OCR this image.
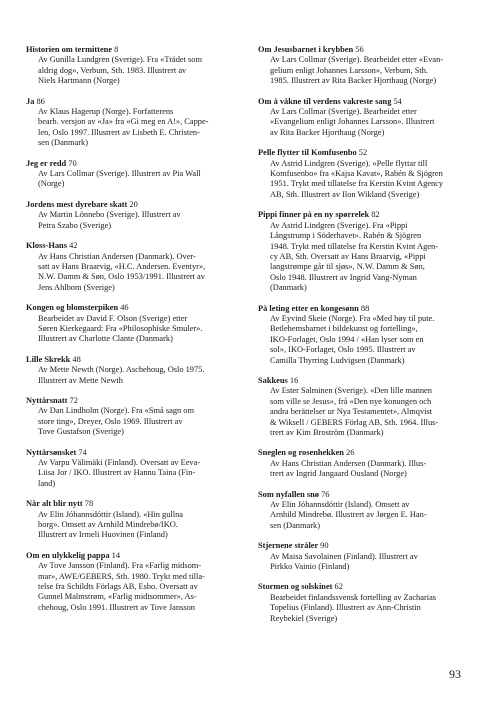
Historien om termittene 8
Av Gunilla Lundgren (Sverige). Fra «Trädet som
aldrig dog», Verbum, Sth. 1983. Illustrert av
Niels Hartmann (Norge)
Ja 86
Av Klaus Hagerup (Norge). Forfatterens
bearb. versjon av «Ja» fra «Gi meg en A!», Cappe-
len, Oslo 1997. Illustrert av Lisbeth E. Christen-
sen (Danmark)
Jeg er redd 70
Av Lars Collmar (Sverige). Illustrert av Pia Wall
(Norge)
Jordens mest dyrebare skatt 20
Av Martin Lönnebo (Sverige). Illustrert av
Petra Szabo (Sverige)
Kloss-Hans 42
Av Hans Christian Andersen (Danmark). Over-
satt av Hans Braarvig, «H.C. Andersen. Eventyr»,
N.W. Damm & Søn, Oslo 1953/1991. Illustrert av
Jens Ahlbom (Sverige)
Kongen og blomsterpiken 46
Bearbeidet av David F. Olson (Sverige) etter
Søren Kierkegaard: Fra «Philosophiske Smuler».
Illustrert av Charlotte Clante (Danmark)
Lille Skrekk 48
Av Mette Newth (Norge). Aschehoug, Oslo 1975.
Illustrert av Mette Newth
Nyttårsnatt 72
Av Dan Lindholm (Norge). Fra «Små sagn om
store ting», Dreyer, Oslo 1969. Illustrert av
Tove Gustafson (Sverige)
Nyttårsønsket 74
Av Varpu Välimäki (Finland). Oversatt av Eeva-
Liisa Jor / IKO. Illustrert av Hannu Taina (Fin-
land)
Når alt blir nytt 78
Av Elin Jóhannsdóttir (Island). «Hin gullna
borg». Omsett av Arnhild Mindrebø/IKO.
Illustrert av Irmeli Huovinen (Finland)
Om en ulykkelig pappa 14
Av Tove Jansson (Finland). Fra «Farlig midsom-
mar», AWE/GEBERS, Sth. 1980. Trykt med tilla-
telse fra Schildts Förlags AB, Esbo. Oversatt av
Gunnel Malmstrøm, «Farlig midtsommer», As-
chehoug, Oslo 1991. Illustrert av Tove Jansson
Om Jesusbarnet i krybben 56
Av Lars Collmar (Sverige). Bearbeidet etter «Evan-
gelium enligt Johannes Larsson», Verbum, Sth.
1985. Illustrert av Rita Backer Hjorthaug (Norge)
Om å våkne til verdens vakreste sang 54
Av Lars Collmar (Sverige). Bearbeidet etter
«Evangelium enligt Johannes Larsson». Illustrert
av Rita Backer Hjorthaug (Norge)
Pelle flytter til Komfusenbo 52
Av Astrid Lindgren (Sverige). «Pelle flyttar till
Komfusenbo» fra «Kajsa Kavat», Rabén & Sjögren
1951. Trykt med tillatelse fra Kerstin Kvint Agency
AB, Sth. Illustrert av Ilon Wikland (Sverige)
Pippi finner på en ny spørrelek 82
Av Astrid Lindgren (Sverige). Fra «Pippi
Långstrump i Söderhavet». Rabén & Sjögren
1948. Trykt med tillatelse fra Kerstin Kvint Agen-
cy AB, Sth. Oversatt av Hans Braarvig, «Pippi
langstrømpe går til sjøs», N.W. Damm & Søn,
Oslo 1948. Illustrert av Ingrid Vang-Nyman
(Danmark)
På leting etter en kongesønn 88
Av Eyvind Skeie (Norge). Fra «Med høy til pute.
Betlehemsbarnet i bildekunst og fortelling»,
IKO-Forlaget, Oslo 1994 / «Han lyser som en
sol», IKO-Forlaget, Oslo 1995. Illustrert av
Camilla Thyrring Ludvigsen (Danmark)
Sakkeus 16
Av Ester Salminen (Sverige). «Den lille mannen
som ville se Jesus», frå «Den nye konungen och
andra berättelser ur Nya Testamentet», Almqvist
& Wiksell / GEBERS Förlag AB, Sth. 1964. Illus-
trert av Kim Broström (Danmark)
Sneglen og rosenhekken 26
Av Hans Christian Andersen (Danmark). Illus-
trert av Ingrid Jangaard Ousland (Norge)
Som nyfallen snø 76
Av Elin Jóhannsdóttir (Island). Omsett av
Arnhild Mindrebø. Illustrert av Jørgen E. Han-
sen (Danmark)
Stjernene stråler 90
Av Maisa Savolainen (Finland). Illustrert av
Pirkko Vainio (Finland)
Stormen og solskinet 62
Bearbeidet finlandssvensk fortelling av Zacharias
Topelius (Finland). Illustrert av Ann-Christin
Reybekiel (Sverige)
93
